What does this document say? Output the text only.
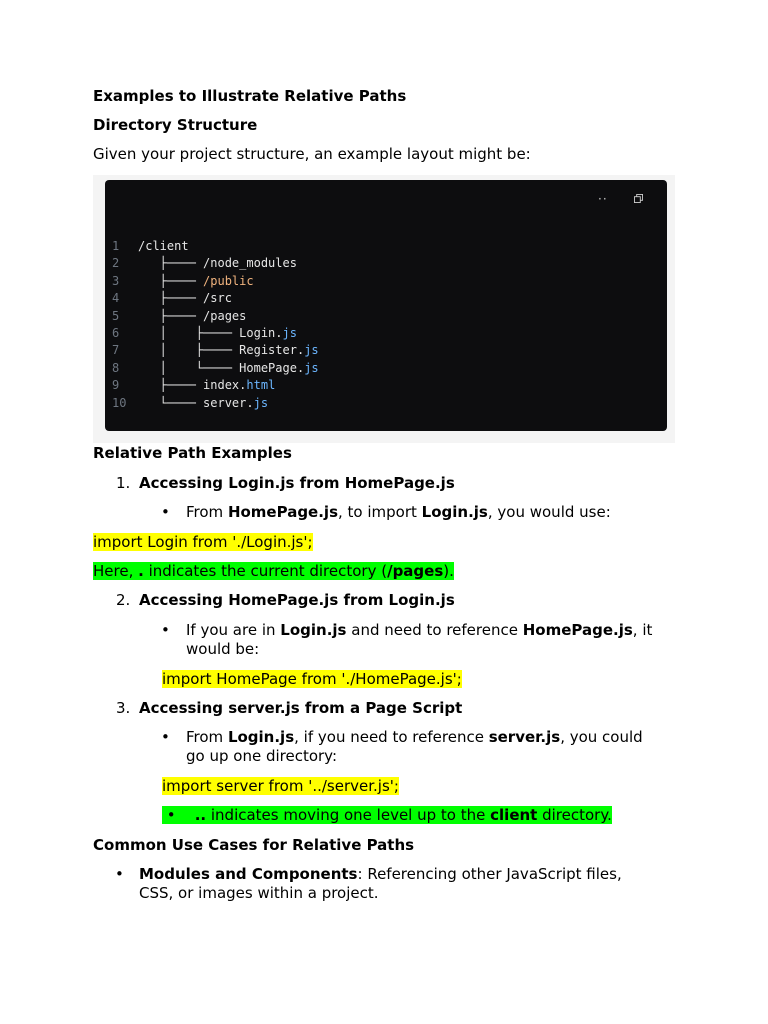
Examples to Illustrate Relative Paths

Directory Structure

Given your project structure, an example layout might be:

··
1 /client
2   ├──── /node_modules
3   ├──── /public
4   ├──── /src
5   ├──── /pages
6   │    ├──── Login.js
7   │    ├──── Register.js
8   │    └──── HomePage.js
9   ├──── index.html
10   └──── server.js

Relative Path Examples

1. Accessing Login.js from HomePage.js

• From HomePage.js, to import Login.js, you would use:

import Login from './Login.js';

Here, . indicates the current directory (/pages).

2. Accessing HomePage.js from Login.js

• If you are in Login.js and need to reference HomePage.js, it

would be:

import HomePage from './HomePage.js';

3. Accessing server.js from a Page Script

• From Login.js, if you need to reference server.js, you could

go up one directory:

import server from '../server.js';

•    .. indicates moving one level up to the client directory.

Common Use Cases for Relative Paths

• Modules and Components: Referencing other JavaScript files,

CSS, or images within a project.
